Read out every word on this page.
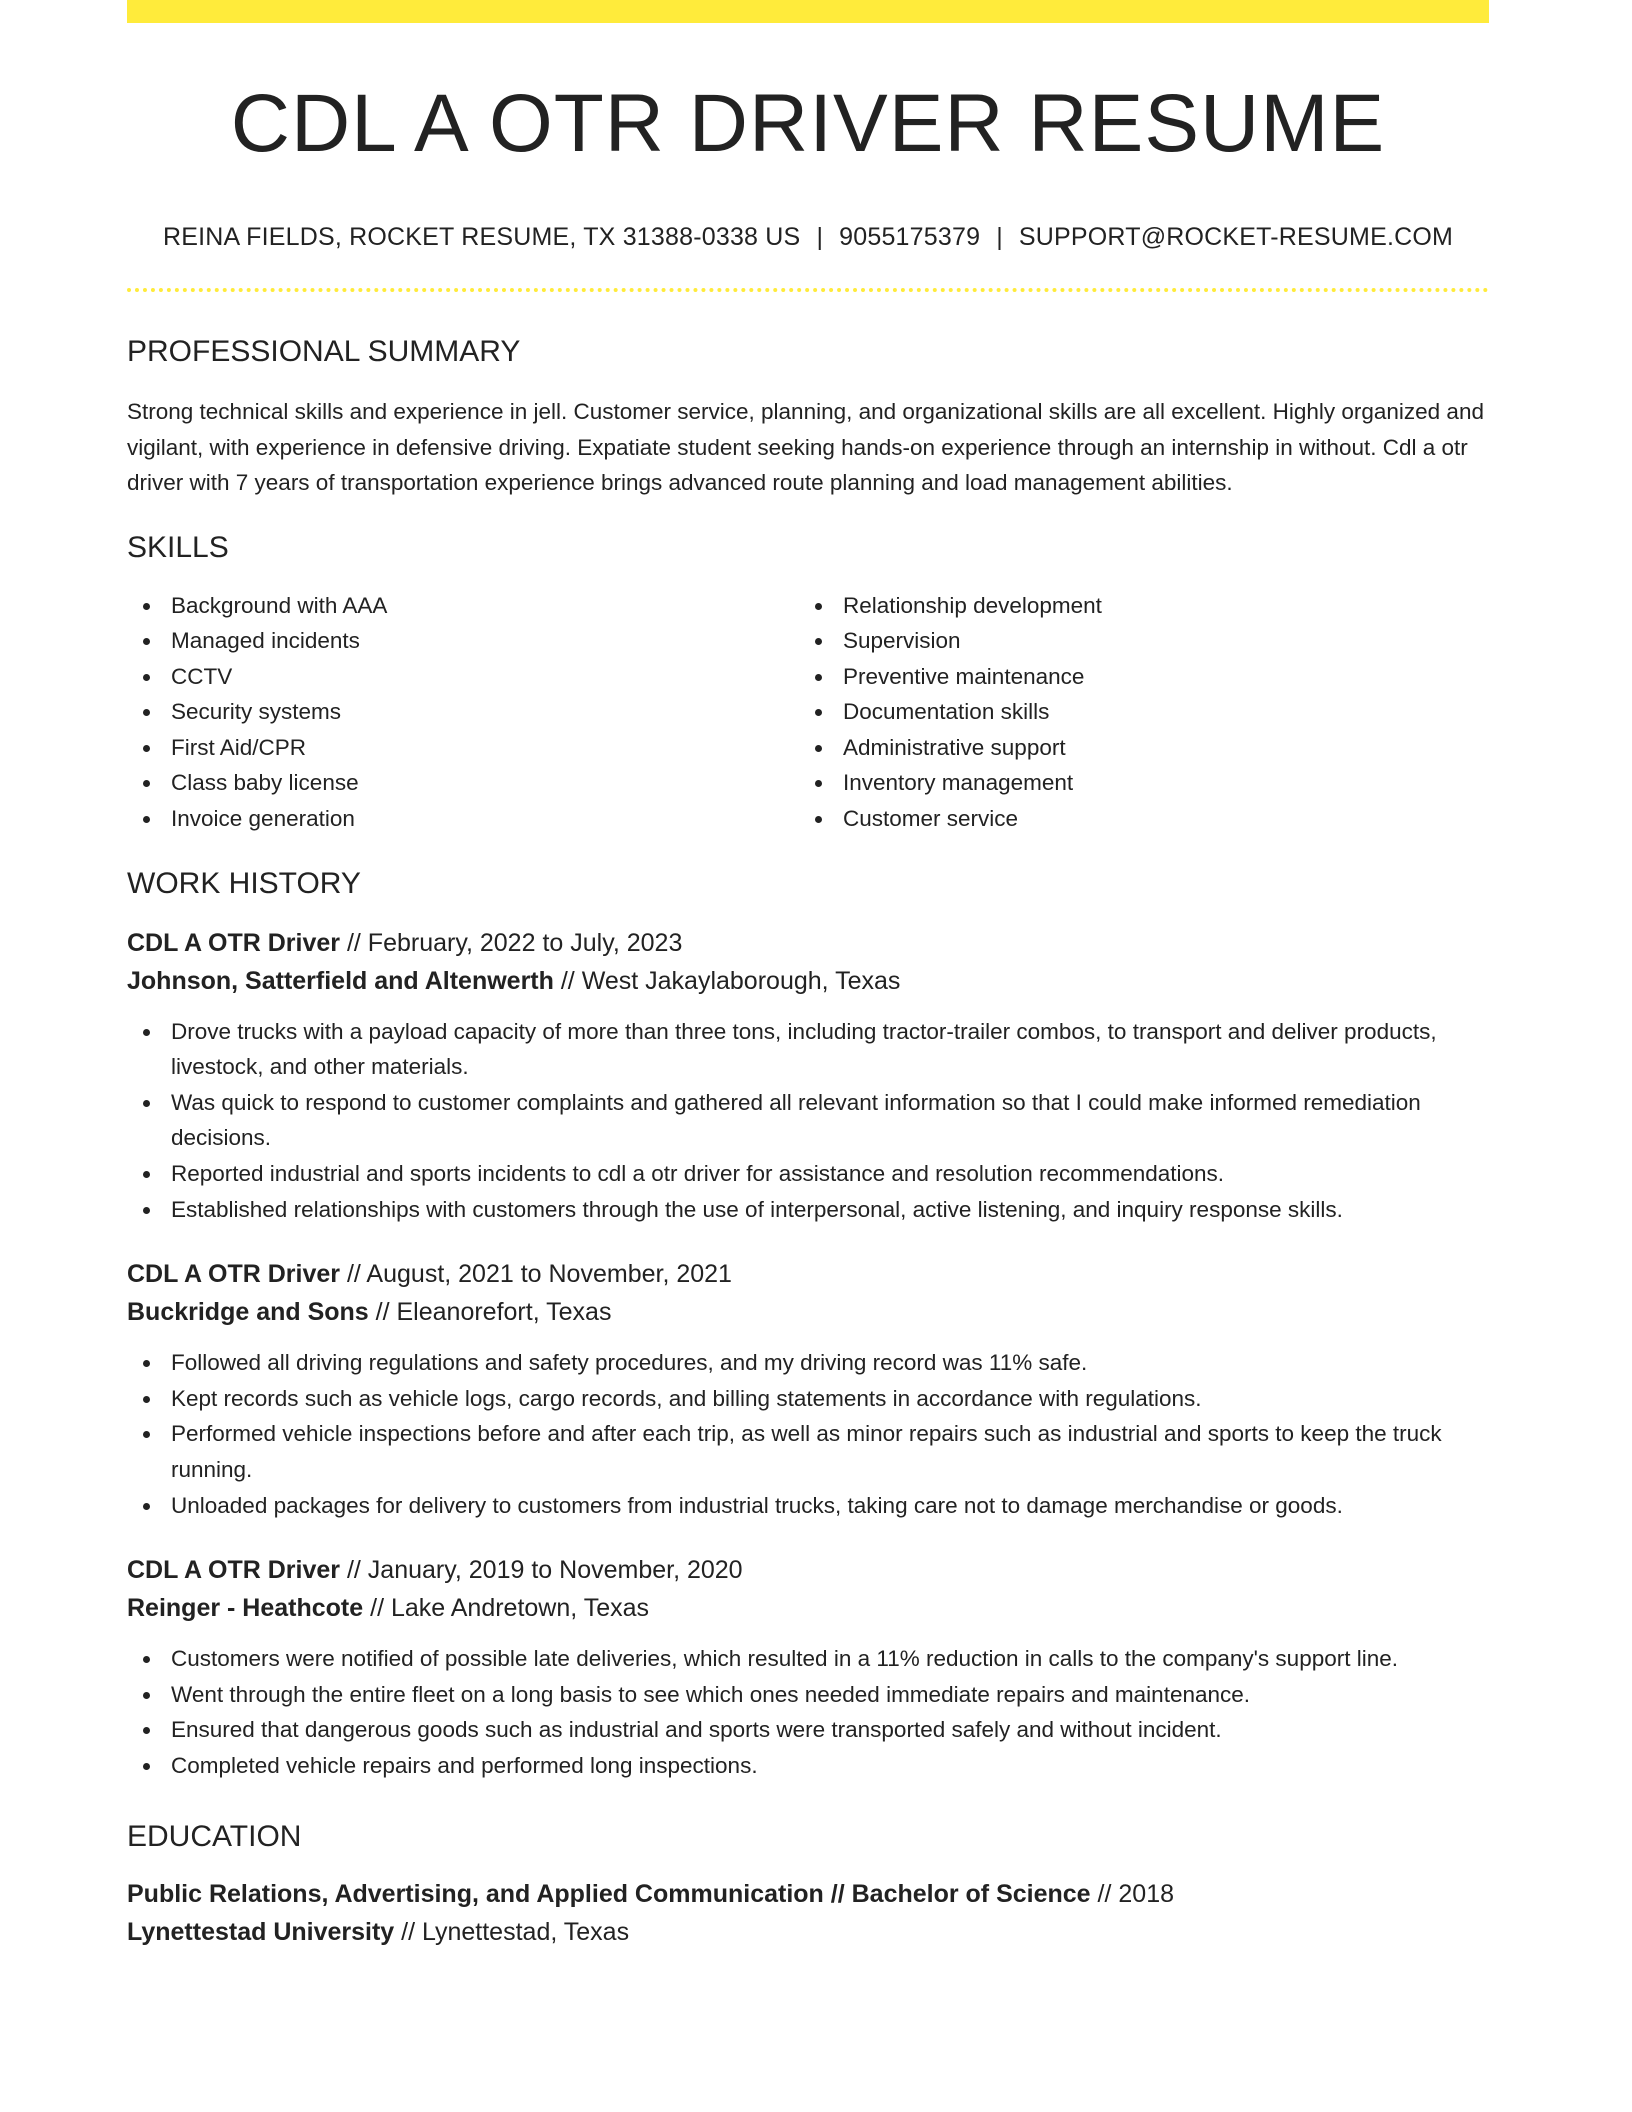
CDL A OTR DRIVER RESUME
REINA FIELDS, ROCKET RESUME, TX 31388-0338 US | 9055175379 | SUPPORT@ROCKET-RESUME.COM
PROFESSIONAL SUMMARY

Strong technical skills and experience in jell. Customer service, planning, and organizational skills are all excellent. Highly organized and vigilant, with experience in defensive driving. Expatiate student seeking hands-on experience through an internship in without. Cdl a otr driver with 7 years of transportation experience brings advanced route planning and load management abilities.

SKILLS
Background with AAA
Managed incidents
CCTV
Security systems
First Aid/CPR
Class baby license
Invoice generation
Relationship development
Supervision
Preventive maintenance
Documentation skills
Administrative support
Inventory management
Customer service
WORK HISTORY
CDL A OTR Driver // February, 2022 to July, 2023
Johnson, Satterfield and Altenwerth // West Jakaylaborough, Texas
Drove trucks with a payload capacity of more than three tons, including tractor-trailer combos, to transport and deliver products, livestock, and other materials.
Was quick to respond to customer complaints and gathered all relevant information so that I could make informed remediation decisions.
Reported industrial and sports incidents to cdl a otr driver for assistance and resolution recommendations.
Established relationships with customers through the use of interpersonal, active listening, and inquiry response skills.
CDL A OTR Driver // August, 2021 to November, 2021
Buckridge and Sons // Eleanorefort, Texas
Followed all driving regulations and safety procedures, and my driving record was 11% safe.
Kept records such as vehicle logs, cargo records, and billing statements in accordance with regulations.
Performed vehicle inspections before and after each trip, as well as minor repairs such as industrial and sports to keep the truck running.
Unloaded packages for delivery to customers from industrial trucks, taking care not to damage merchandise or goods.
CDL A OTR Driver // January, 2019 to November, 2020
Reinger - Heathcote // Lake Andretown, Texas
Customers were notified of possible late deliveries, which resulted in a 11% reduction in calls to the company's support line.
Went through the entire fleet on a long basis to see which ones needed immediate repairs and maintenance.
Ensured that dangerous goods such as industrial and sports were transported safely and without incident.
Completed vehicle repairs and performed long inspections.
EDUCATION
Public Relations, Advertising, and Applied Communication // Bachelor of Science // 2018
Lynettestad University // Lynettestad, Texas
